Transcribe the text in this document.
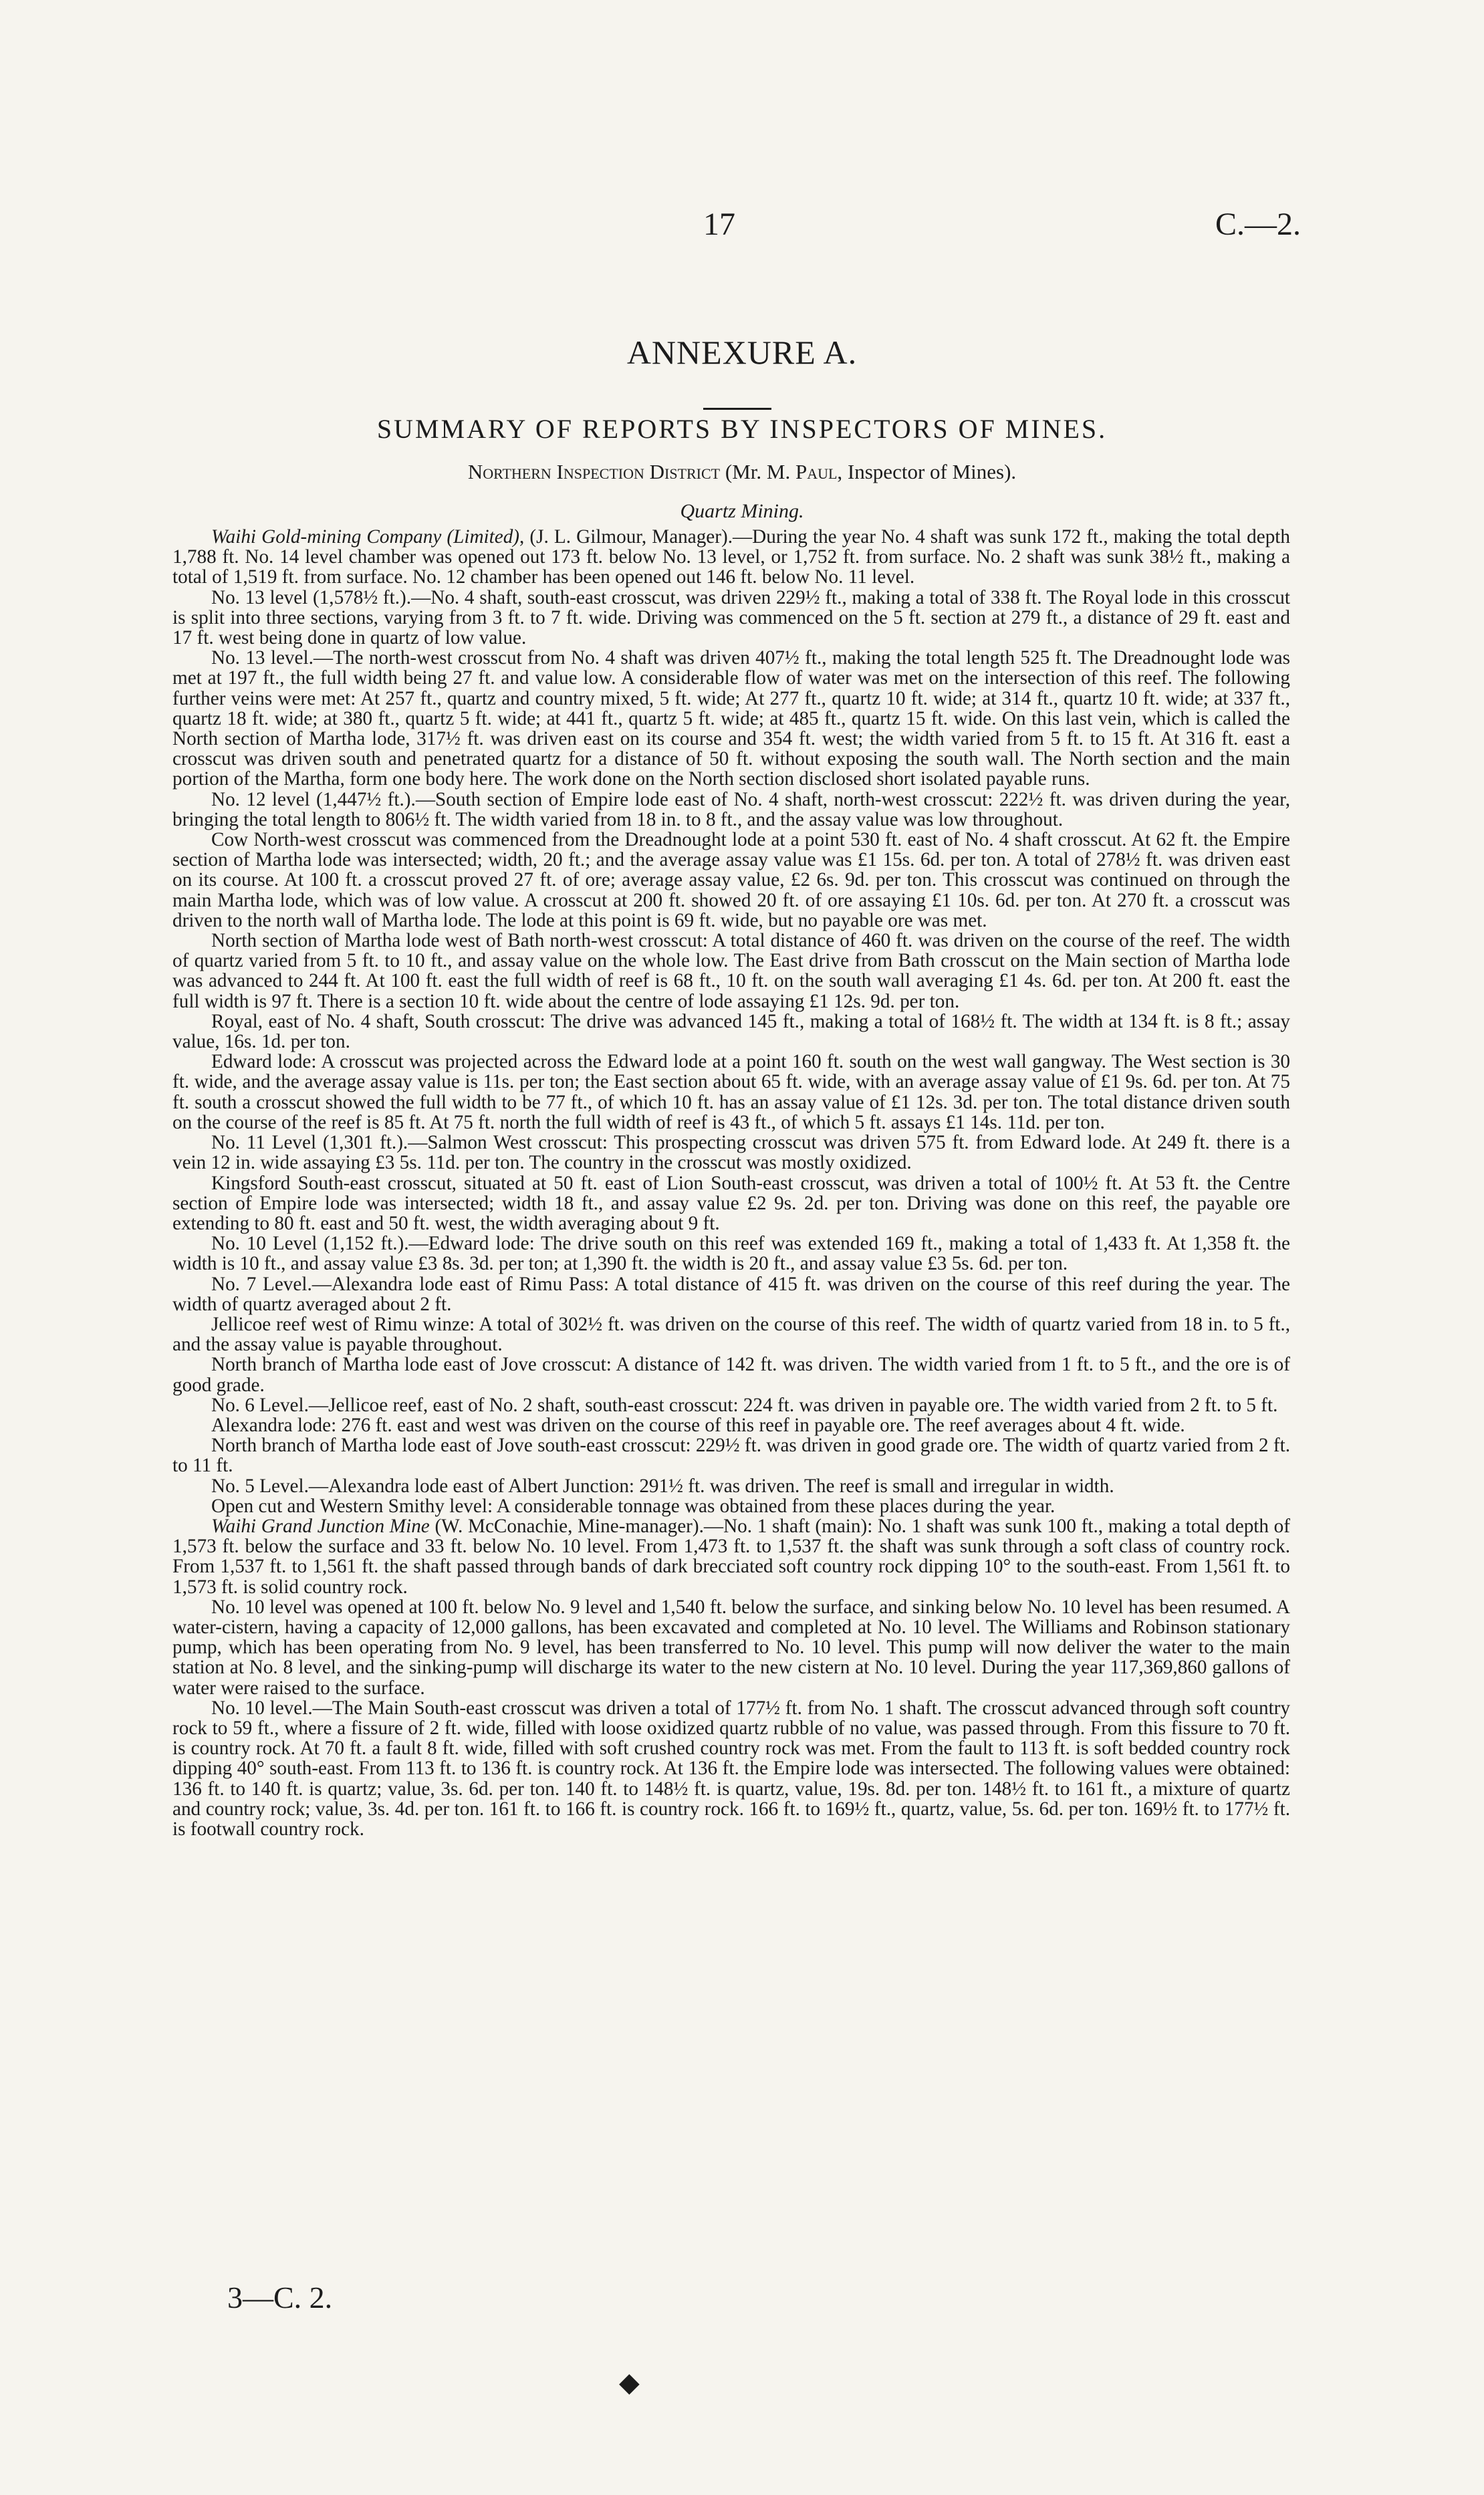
17	C.—2.
ANNEXURE A.
SUMMARY OF REPORTS BY INSPECTORS OF MINES.
Northern Inspection District (Mr. M. Paul, Inspector of Mines).
Quartz Mining.

Waihi Gold-mining Company (Limited), (J. L. Gilmour, Manager).—During the year No. 4 shaft was sunk 172 ft., making the total depth 1,788 ft. No. 14 level chamber was opened out 173 ft. below No. 13 level, or 1,752 ft. from surface. No. 2 shaft was sunk 38½ ft., making a total of 1,519 ft. from surface. No. 12 chamber has been opened out 146 ft. below No. 11 level.

No. 13 level (1,578½ ft.).—No. 4 shaft, south-east crosscut, was driven 229½ ft., making a total of 338 ft. The Royal lode in this crosscut is split into three sections, varying from 3 ft. to 7 ft. wide. Driving was commenced on the 5 ft. section at 279 ft., a distance of 29 ft. east and 17 ft. west being done in quartz of low value.

No. 13 level.—The north-west crosscut from No. 4 shaft was driven 407½ ft., making the total length 525 ft. The Dreadnought lode was met at 197 ft., the full width being 27 ft. and value low. A considerable flow of water was met on the intersection of this reef. The following further veins were met: At 257 ft., quartz and country mixed, 5 ft. wide; At 277 ft., quartz 10 ft. wide; at 314 ft., quartz 10 ft. wide; at 337 ft., quartz 18 ft. wide; at 380 ft., quartz 5 ft. wide; at 441 ft., quartz 5 ft. wide; at 485 ft., quartz 15 ft. wide. On this last vein, which is called the North section of Martha lode, 317½ ft. was driven east on its course and 354 ft. west; the width varied from 5 ft. to 15 ft. At 316 ft. east a crosscut was driven south and penetrated quartz for a distance of 50 ft. without exposing the south wall. The North section and the main portion of the Martha, form one body here. The work done on the North section disclosed short isolated payable runs.

No. 12 level (1,447½ ft.).—South section of Empire lode east of No. 4 shaft, north-west crosscut: 222½ ft. was driven during the year, bringing the total length to 806½ ft. The width varied from 18 in. to 8 ft., and the assay value was low throughout.

Cow North-west crosscut was commenced from the Dreadnought lode at a point 530 ft. east of No. 4 shaft crosscut. At 62 ft. the Empire section of Martha lode was intersected; width, 20 ft.; and the average assay value was £1 15s. 6d. per ton. A total of 278½ ft. was driven east on its course. At 100 ft. a crosscut proved 27 ft. of ore; average assay value, £2 6s. 9d. per ton. This crosscut was continued on through the main Martha lode, which was of low value. A crosscut at 200 ft. showed 20 ft. of ore assaying £1 10s. 6d. per ton. At 270 ft. a crosscut was driven to the north wall of Martha lode. The lode at this point is 69 ft. wide, but no payable ore was met.

North section of Martha lode west of Bath north-west crosscut: A total distance of 460 ft. was driven on the course of the reef. The width of quartz varied from 5 ft. to 10 ft., and assay value on the whole low. The East drive from Bath crosscut on the Main section of Martha lode was advanced to 244 ft. At 100 ft. east the full width of reef is 68 ft., 10 ft. on the south wall averaging £1 4s. 6d. per ton. At 200 ft. east the full width is 97 ft. There is a section 10 ft. wide about the centre of lode assaying £1 12s. 9d. per ton.

Royal, east of No. 4 shaft, South crosscut: The drive was advanced 145 ft., making a total of 168½ ft. The width at 134 ft. is 8 ft.; assay value, 16s. 1d. per ton.

Edward lode: A crosscut was projected across the Edward lode at a point 160 ft. south on the west wall gangway. The West section is 30 ft. wide, and the average assay value is 11s. per ton; the East section about 65 ft. wide, with an average assay value of £1 9s. 6d. per ton. At 75 ft. south a crosscut showed the full width to be 77 ft., of which 10 ft. has an assay value of £1 12s. 3d. per ton. The total distance driven south on the course of the reef is 85 ft. At 75 ft. north the full width of reef is 43 ft., of which 5 ft. assays £1 14s. 11d. per ton.

No. 11 Level (1,301 ft.).—Salmon West crosscut: This prospecting crosscut was driven 575 ft. from Edward lode. At 249 ft. there is a vein 12 in. wide assaying £3 5s. 11d. per ton. The country in the crosscut was mostly oxidized.

Kingsford South-east crosscut, situated at 50 ft. east of Lion South-east crosscut, was driven a total of 100½ ft. At 53 ft. the Centre section of Empire lode was intersected; width 18 ft., and assay value £2 9s. 2d. per ton. Driving was done on this reef, the payable ore extending to 80 ft. east and 50 ft. west, the width averaging about 9 ft.

No. 10 Level (1,152 ft.).—Edward lode: The drive south on this reef was extended 169 ft., making a total of 1,433 ft. At 1,358 ft. the width is 10 ft., and assay value £3 8s. 3d. per ton; at 1,390 ft. the width is 20 ft., and assay value £3 5s. 6d. per ton.

No. 7 Level.—Alexandra lode east of Rimu Pass: A total distance of 415 ft. was driven on the course of this reef during the year. The width of quartz averaged about 2 ft.

Jellicoe reef west of Rimu winze: A total of 302½ ft. was driven on the course of this reef. The width of quartz varied from 18 in. to 5 ft., and the assay value is payable throughout.

North branch of Martha lode east of Jove crosscut: A distance of 142 ft. was driven. The width varied from 1 ft. to 5 ft., and the ore is of good grade.

No. 6 Level.—Jellicoe reef, east of No. 2 shaft, south-east crosscut: 224 ft. was driven in payable ore. The width varied from 2 ft. to 5 ft.

Alexandra lode: 276 ft. east and west was driven on the course of this reef in payable ore. The reef averages about 4 ft. wide.

North branch of Martha lode east of Jove south-east crosscut: 229½ ft. was driven in good grade ore. The width of quartz varied from 2 ft. to 11 ft.

No. 5 Level.—Alexandra lode east of Albert Junction: 291½ ft. was driven. The reef is small and irregular in width.

Open cut and Western Smithy level: A considerable tonnage was obtained from these places during the year.

Waihi Grand Junction Mine (W. McConachie, Mine-manager).—No. 1 shaft (main): No. 1 shaft was sunk 100 ft., making a total depth of 1,573 ft. below the surface and 33 ft. below No. 10 level. From 1,473 ft. to 1,537 ft. the shaft was sunk through a soft class of country rock. From 1,537 ft. to 1,561 ft. the shaft passed through bands of dark brecciated soft country rock dipping 10° to the south-east. From 1,561 ft. to 1,573 ft. is solid country rock.

No. 10 level was opened at 100 ft. below No. 9 level and 1,540 ft. below the surface, and sinking below No. 10 level has been resumed. A water-cistern, having a capacity of 12,000 gallons, has been excavated and completed at No. 10 level. The Williams and Robinson stationary pump, which has been operating from No. 9 level, has been transferred to No. 10 level. This pump will now deliver the water to the main station at No. 8 level, and the sinking-pump will discharge its water to the new cistern at No. 10 level. During the year 117,369,860 gallons of water were raised to the surface.

No. 10 level.—The Main South-east crosscut was driven a total of 177½ ft. from No. 1 shaft. The crosscut advanced through soft country rock to 59 ft., where a fissure of 2 ft. wide, filled with loose oxidized quartz rubble of no value, was passed through. From this fissure to 70 ft. is country rock. At 70 ft. a fault 8 ft. wide, filled with soft crushed country rock was met. From the fault to 113 ft. is soft bedded country rock dipping 40° south-east. From 113 ft. to 136 ft. is country rock. At 136 ft. the Empire lode was intersected. The following values were obtained: 136 ft. to 140 ft. is quartz; value, 3s. 6d. per ton. 140 ft. to 148½ ft. is quartz, value, 19s. 8d. per ton. 148½ ft. to 161 ft., a mixture of quartz and country rock; value, 3s. 4d. per ton. 161 ft. to 166 ft. is country rock. 166 ft. to 169½ ft., quartz, value, 5s. 6d. per ton. 169½ ft. to 177½ ft. is footwall country rock.

3—C. 2.
◆
